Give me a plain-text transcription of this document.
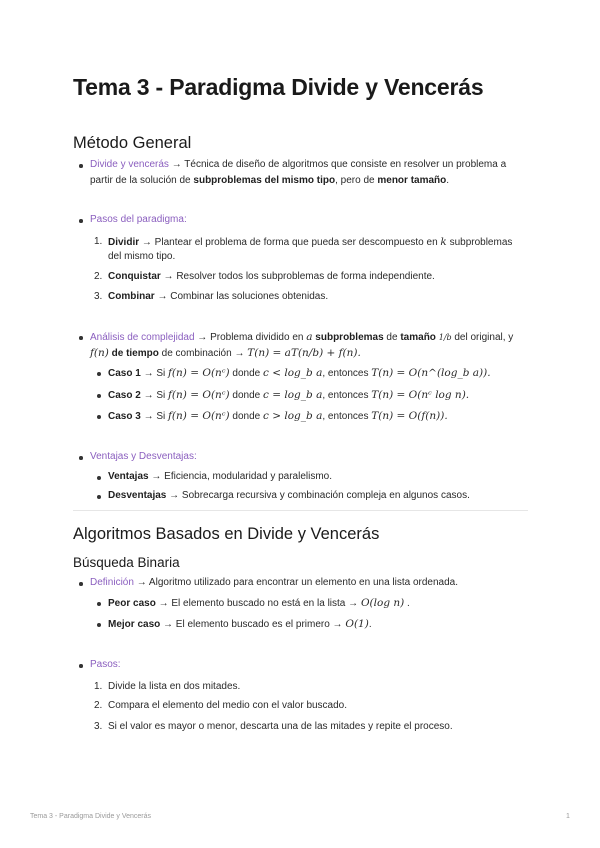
Tema 3 - Paradigma Divide y Vencerás
Método General
Divide y vencerás → Técnica de diseño de algoritmos que consiste en resolver un problema a
partir de la solución de subproblemas del mismo tipo, pero de menor tamaño.
Pasos del paradigma:
1. Dividir → Plantear el problema de forma que pueda ser descompuesto en k subproblemas
del mismo tipo.
2. Conquistar → Resolver todos los subproblemas de forma independiente.
3. Combinar → Combinar las soluciones obtenidas.
Análisis de complejidad → Problema dividido en a subproblemas de tamaño 1/b del original, y
f(n) de tiempo de combinación → T(n) = aT(n/b) + f(n).
Caso 1 → Si f(n) = O(nᶜ) donde c < log_b a, entonces T(n) = O(n^(log_b a)).
Caso 2 → Si f(n) = O(nᶜ) donde c = log_b a, entonces T(n) = O(nᶜ log n).
Caso 3 → Si f(n) = O(nᶜ) donde c > log_b a, entonces T(n) = O(f(n)).
Ventajas y Desventajas:
Ventajas → Eficiencia, modularidad y paralelismo.
Desventajas → Sobrecarga recursiva y combinación compleja en algunos casos.
Algoritmos Basados en Divide y Vencerás
Búsqueda Binaria
Definición → Algoritmo utilizado para encontrar un elemento en una lista ordenada.
Peor caso → El elemento buscado no está en la lista → O(log n) .
Mejor caso → El elemento buscado es el primero → O(1).
Pasos:
1. Divide la lista en dos mitades.
2. Compara el elemento del medio con el valor buscado.
3. Si el valor es mayor o menor, descarta una de las mitades y repite el proceso.
Tema 3 - Paradigma Divide y Vencerás	1
